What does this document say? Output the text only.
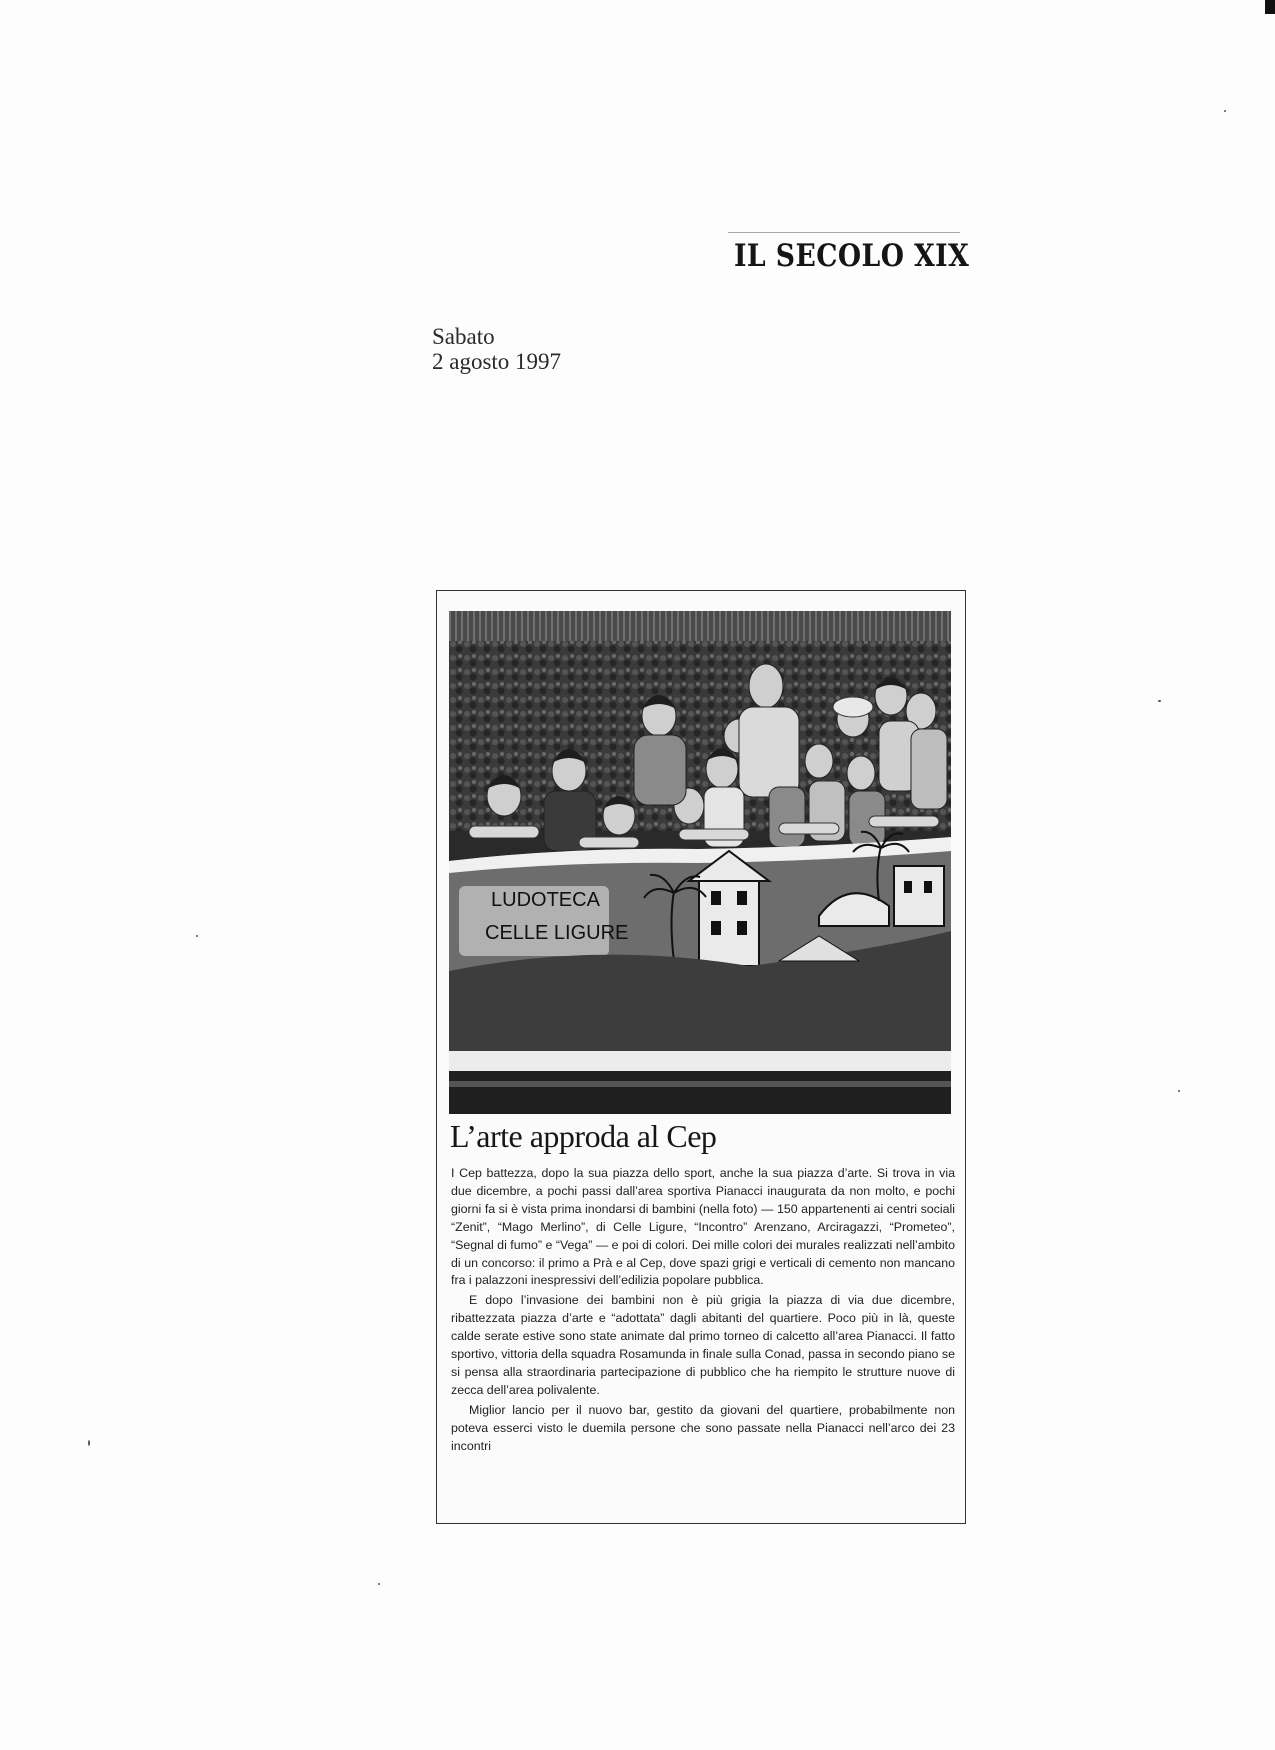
IL SECOLO XIX
Sabato
2 agosto 1997
LUDOTECA
CELLE LIGURE
L’arte approda al Cep

I Cep battezza, dopo la sua piazza dello sport, anche la sua piazza d’arte. Si trova in via due dicembre, a pochi passi dall’area sportiva Pianacci inaugurata da non molto, e pochi giorni fa si è vista prima inondarsi di bambini (nella foto) — 150 appartenenti ai centri sociali “Zenit”, “Mago Merlino”, di Celle Ligure, “Incontro” Arenzano, Arciragazzi, “Prometeo”, “Segnal di fumo” e “Vega” — e poi di colori. Dei mille colori dei murales realizzati nell’ambito di un concorso: il primo a Prà e al Cep, dove spazi grigi e verticali di cemento non mancano fra i palazzoni inespressivi dell’edilizia popolare pubblica.

E dopo l’invasione dei bambini non è più grigia la piazza di via due dicembre, ribattezzata piazza d’arte e “adottata” dagli abitanti del quartiere. Poco più in là, queste calde serate estive sono state animate dal primo torneo di calcetto all’area Pianacci. Il fatto sportivo, vittoria della squadra Rosamunda in finale sulla Conad, passa in secondo piano se si pensa alla straordinaria partecipazione di pubblico che ha riempito le strutture nuove di zecca dell’area polivalente.

Miglior lancio per il nuovo bar, gestito da giovani del quartiere, probabilmente non poteva esserci visto le duemila persone che sono passate nella Pianacci nell’arco dei 23 incontri
